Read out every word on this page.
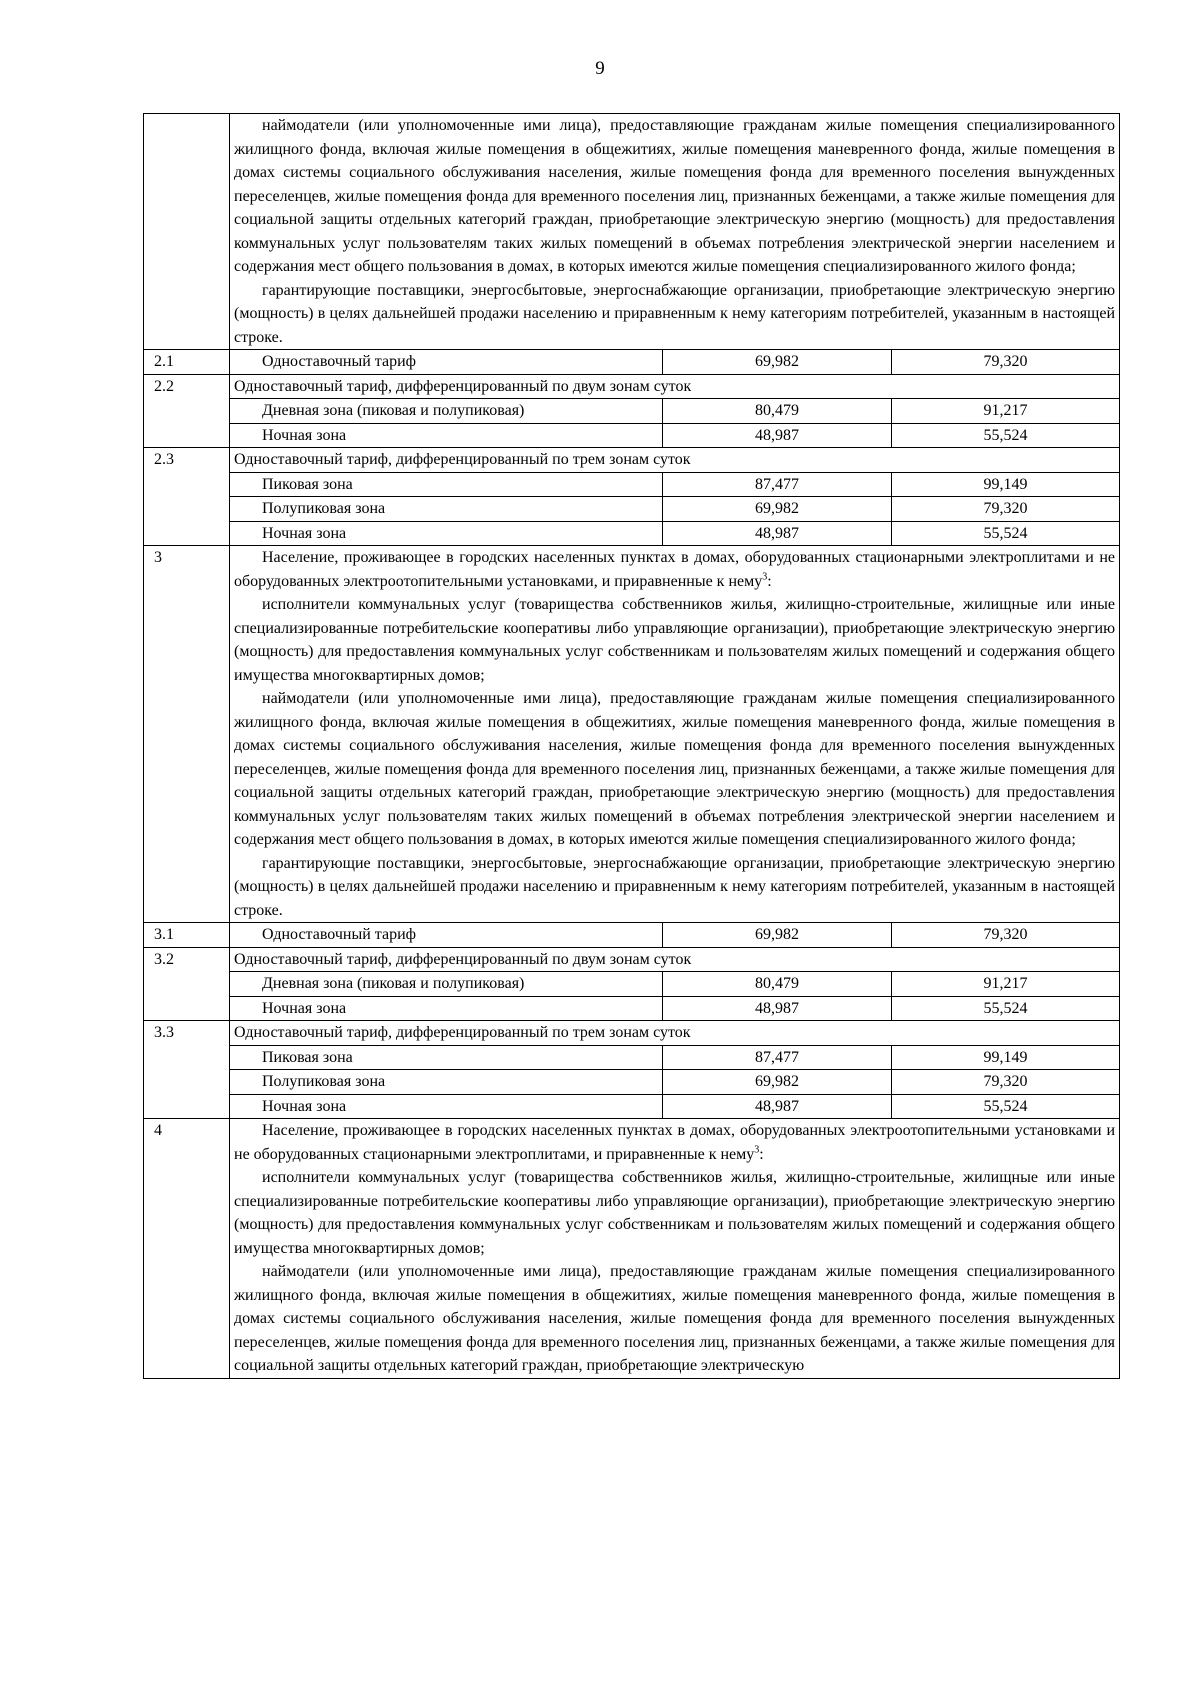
9

	наймодатели (или уполномоченные ими лица), предоставляющие гражданам жилые помещения специализированного жилищного фонда, включая жилые помещения в общежитиях, жилые помещения маневренного фонда, жилые помещения в домах системы социального обслуживания населения, жилые помещения фонда для временного поселения вынужденных переселенцев, жилые помещения фонда для временного поселения лиц, признанных беженцами, а также жилые помещения для социальной защиты отдельных категорий граждан, приобретающие электрическую энергию (мощность) для предоставления коммунальных услуг пользователям таких жилых помещений в объемах потребления электрической энергии населением и содержания мест общего пользования в домах, в которых имеются жилые помещения специализированного жилого фонда;

гарантирующие поставщики, энергосбытовые, энергоснабжающие организации, приобретающие электрическую энергию (мощность) в целях дальнейшей продажи населению и приравненным к нему категориям потребителей, указанным в настоящей строке.		

2.1	Одноставочный тариф	69,982	79,320
2.2	Одноставочный тариф, дифференцированный по двум зонам суток		
	Дневная зона (пиковая и полупиковая)	80,479	91,217
	Ночная зона	48,987	55,524
2.3	Одноставочный тариф, дифференцированный по трем зонам суток		
	Пиковая зона	87,477	99,149
	Полупиковая зона	69,982	79,320
	Ночная зона	48,987	55,524
3	Население, проживающее в городских населенных пунктах в домах, оборудованных стационарными электроплитами и не оборудованных электроотопительными установками, и приравненные к нему$^3$:

исполнители коммунальных услуг (товарищества собственников жилья, жилищно-строительные, жилищные или иные специализированные потребительские кооперативы либо управляющие организации), приобретающие электрическую энергию (мощность) для предоставления коммунальных услуг собственникам и пользователям жилых помещений и содержания общего имущества многоквартирных домов;

наймодатели (или уполномоченные ими лица), предоставляющие гражданам жилые помещения специализированного жилищного фонда, включая жилые помещения в общежитиях, жилые помещения маневренного фонда, жилые помещения в домах системы социального обслуживания населения, жилые помещения фонда для временного поселения вынужденных переселенцев, жилые помещения фонда для временного поселения лиц, признанных беженцами, а также жилые помещения для социальной защиты отдельных категорий граждан, приобретающие электрическую энергию (мощность) для предоставления коммунальных услуг пользователям таких жилых помещений в объемах потребления электрической энергии населением и содержания мест общего пользования в домах, в которых имеются жилые помещения специализированного жилого фонда;

гарантирующие поставщики, энергосбытовые, энергоснабжающие организации, приобретающие электрическую энергию (мощность) в целях дальнейшей продажи населению и приравненным к нему категориям потребителей, указанным в настоящей строке.		

3.1	Одноставочный тариф	69,982	79,320
3.2	Одноставочный тариф, дифференцированный по двум зонам суток		
	Дневная зона (пиковая и полупиковая)	80,479	91,217
	Ночная зона	48,987	55,524
3.3	Одноставочный тариф, дифференцированный по трем зонам суток		
	Пиковая зона	87,477	99,149
	Полупиковая зона	69,982	79,320
	Ночная зона	48,987	55,524
4	Население, проживающее в городских населенных пунктах в домах, оборудованных электроотопительными установками и не оборудованных стационарными электроплитами, и приравненные к нему$^3$:

исполнители коммунальных услуг (товарищества собственников жилья, жилищно-строительные, жилищные или иные специализированные потребительские кооперативы либо управляющие организации), приобретающие электрическую энергию (мощность) для предоставления коммунальных услуг собственникам и пользователям жилых помещений и содержания общего имущества многоквартирных домов;

наймодатели (или уполномоченные ими лица), предоставляющие гражданам жилые помещения специализированного жилищного фонда, включая жилые помещения в общежитиях, жилые помещения маневренного фонда, жилые помещения в домах системы социального обслуживания населения, жилые помещения фонда для временного поселения вынужденных переселенцев, жилые помещения фонда для временного поселения лиц, признанных беженцами, а также жилые помещения для социальной защиты отдельных категорий граждан, приобретающие электрическую		
